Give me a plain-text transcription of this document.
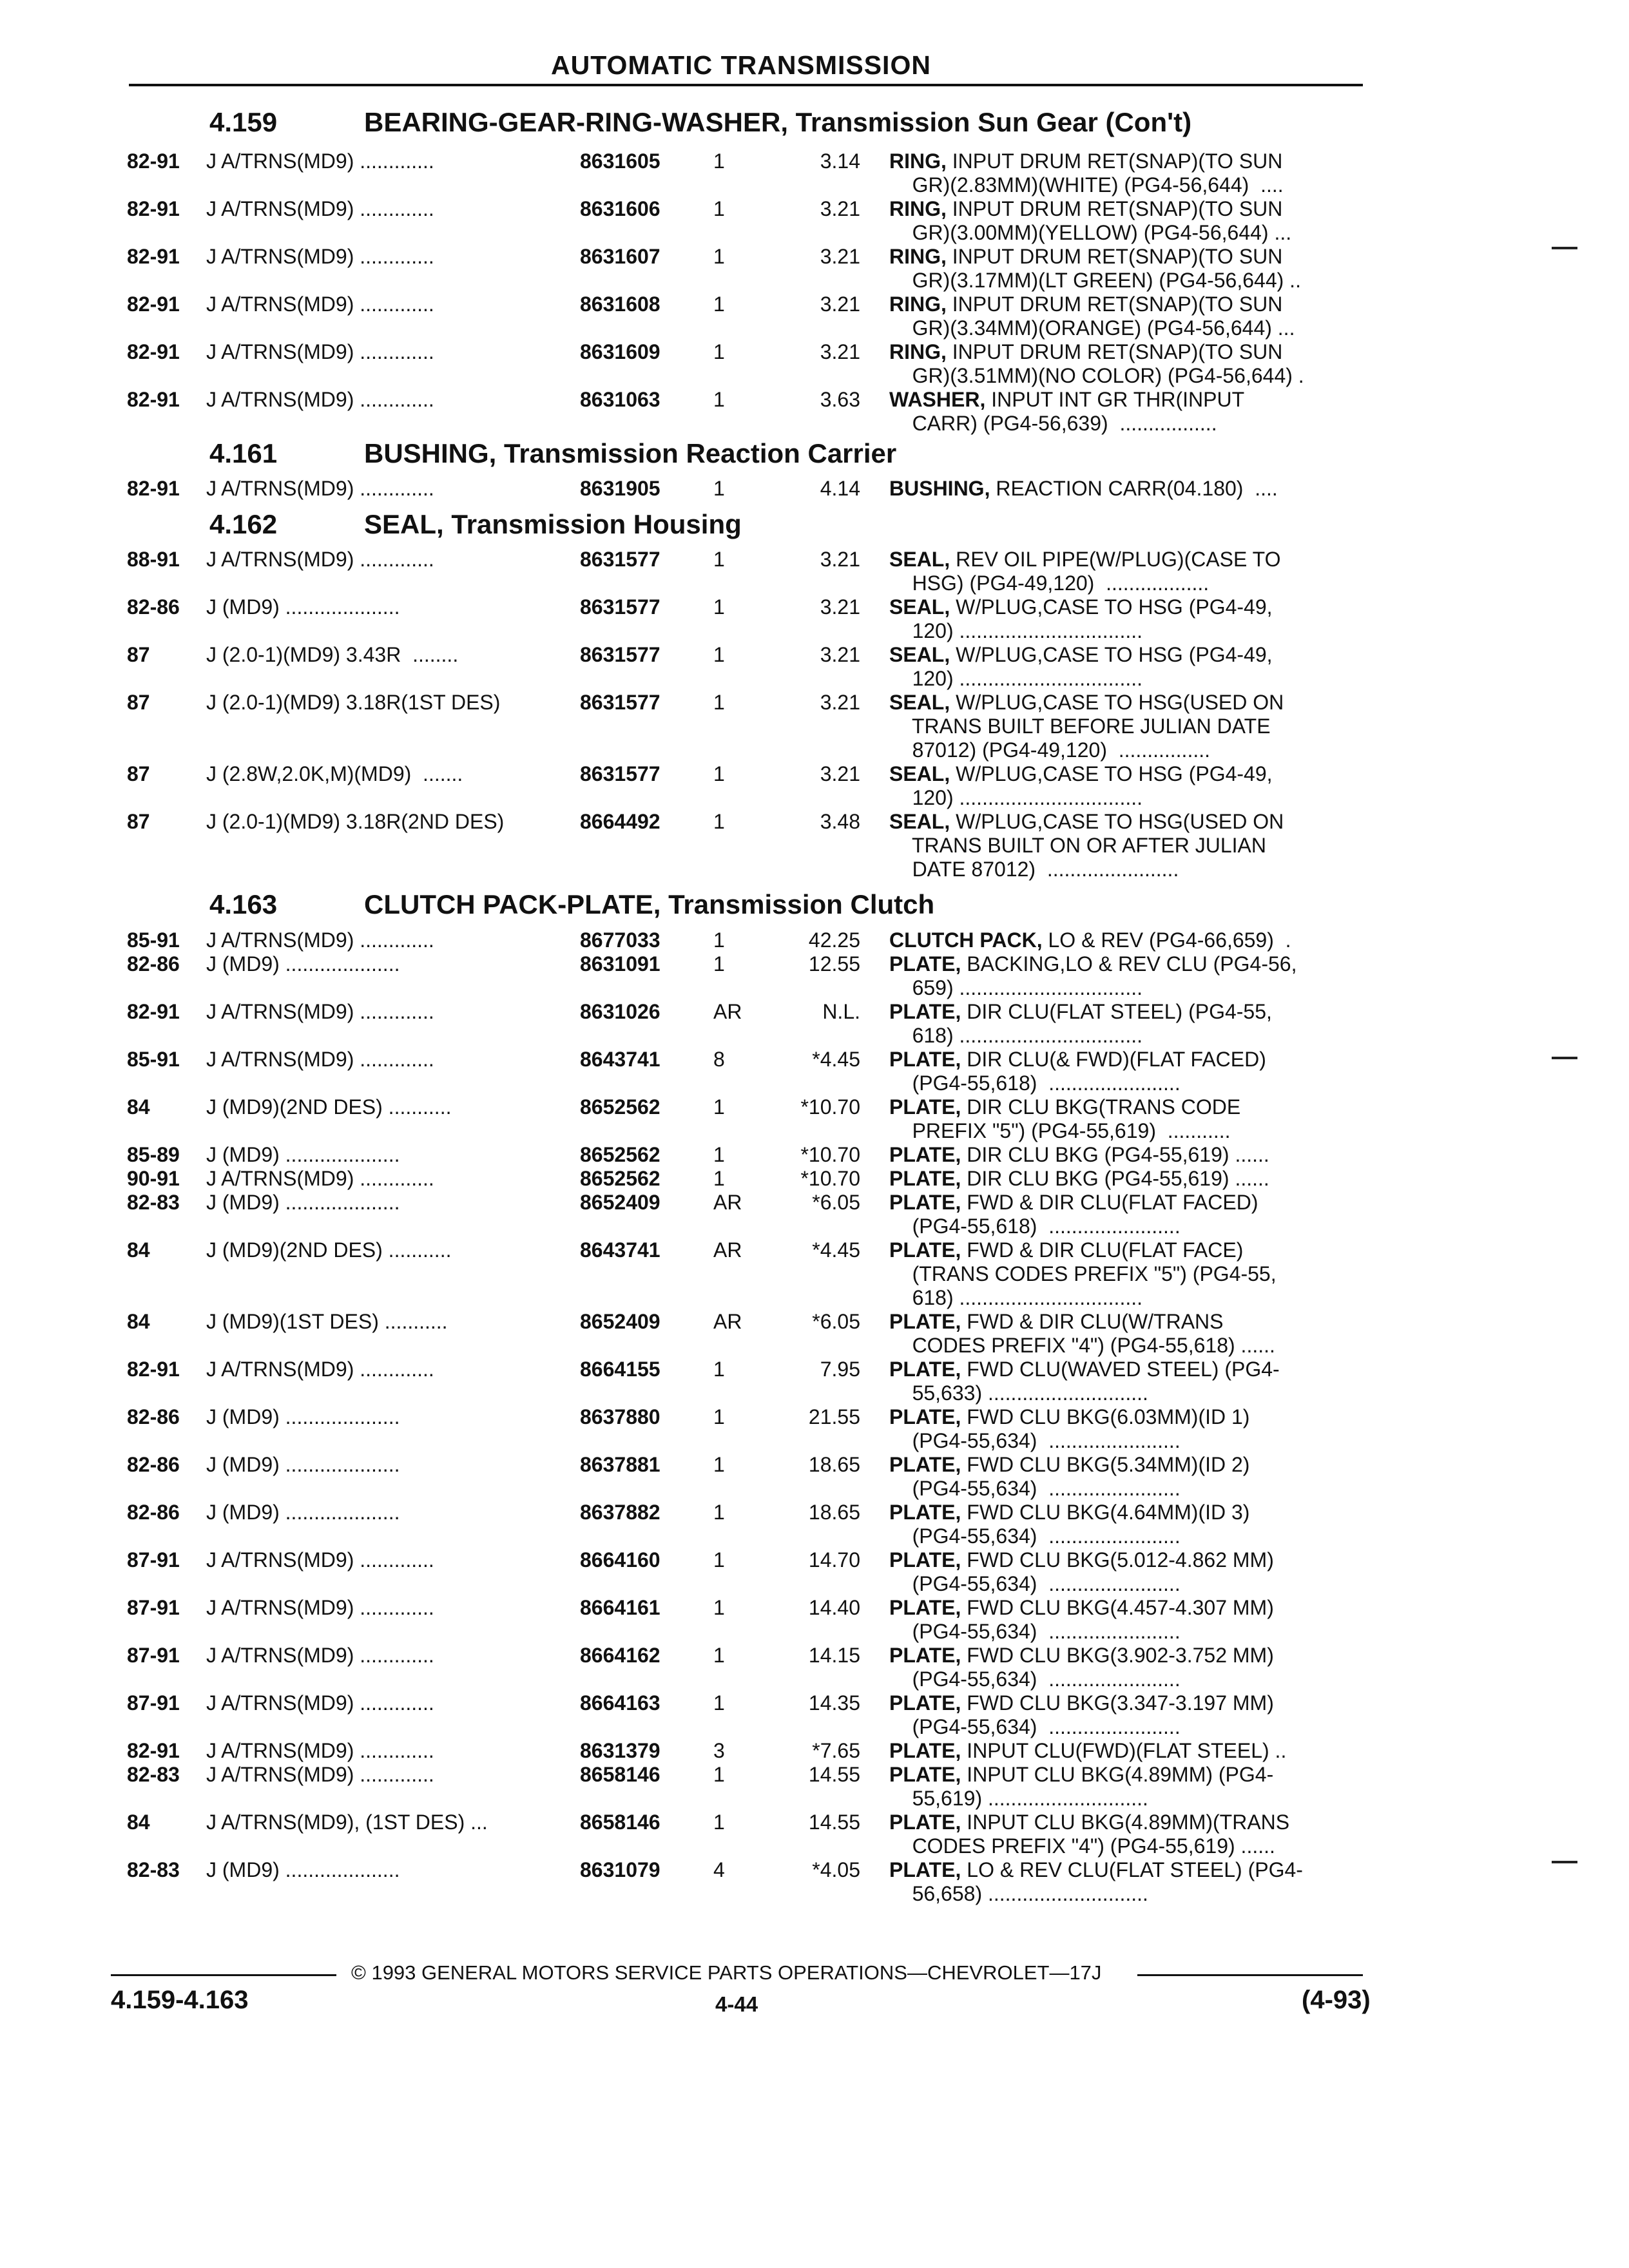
AUTOMATIC TRANSMISSION
4.159	BEARING-GEAR-RING-WASHER, Transmission Sun Gear (Con't)
82-91 J A/TRNS(MD9) .............	8631605	1	3.14 RING, INPUT DRUM RET(SNAP)(TO SUN
GR)(2.83MM)(WHITE) (PG4-56,644)  ....
82-91 J A/TRNS(MD9) .............	8631606	1	3.21 RING, INPUT DRUM RET(SNAP)(TO SUN
GR)(3.00MM)(YELLOW) (PG4-56,644) ...
82-91 J A/TRNS(MD9) .............	8631607	1	3.21 RING, INPUT DRUM RET(SNAP)(TO SUN
GR)(3.17MM)(LT GREEN) (PG4-56,644) ..
82-91 J A/TRNS(MD9) .............	8631608	1	3.21 RING, INPUT DRUM RET(SNAP)(TO SUN
GR)(3.34MM)(ORANGE) (PG4-56,644) ...
82-91 J A/TRNS(MD9) .............	8631609	1	3.21 RING, INPUT DRUM RET(SNAP)(TO SUN
GR)(3.51MM)(NO COLOR) (PG4-56,644) .
82-91 J A/TRNS(MD9) .............	8631063	1	3.63 WASHER, INPUT INT GR THR(INPUT
CARR) (PG4-56,639)  .................
4.161	BUSHING, Transmission Reaction Carrier
82-91 J A/TRNS(MD9) .............	8631905	1	4.14 BUSHING, REACTION CARR(04.180)  ....
4.162	SEAL, Transmission Housing
88-91 J A/TRNS(MD9) .............	8631577	1	3.21 SEAL, REV OIL PIPE(W/PLUG)(CASE TO
HSG) (PG4-49,120)  ..................
82-86 J (MD9) ....................	8631577	1	3.21 SEAL, W/PLUG,CASE TO HSG (PG4-49,
120) ................................
87	J (2.0-1)(MD9) 3.43R  ........	8631577	1	3.21 SEAL, W/PLUG,CASE TO HSG (PG4-49,
120) ................................
87	J (2.0-1)(MD9) 3.18R(1ST DES)	8631577	1	3.21 SEAL, W/PLUG,CASE TO HSG(USED ON
TRANS BUILT BEFORE JULIAN DATE
87012) (PG4-49,120)  ................
87	J (2.8W,2.0K,M)(MD9)  .......	8631577	1	3.21 SEAL, W/PLUG,CASE TO HSG (PG4-49,
120) ................................
87	J (2.0-1)(MD9) 3.18R(2ND DES)	8664492	1	3.48 SEAL, W/PLUG,CASE TO HSG(USED ON
TRANS BUILT ON OR AFTER JULIAN
DATE 87012)  .......................
4.163	CLUTCH PACK-PLATE, Transmission Clutch
85-91 J A/TRNS(MD9) .............	8677033	1	42.25 CLUTCH PACK, LO & REV (PG4-66,659)  .
82-86 J (MD9) ....................	8631091	1	12.55 PLATE, BACKING,LO & REV CLU (PG4-56,
659) ................................
82-91 J A/TRNS(MD9) .............	8631026	AR	N.L. PLATE, DIR CLU(FLAT STEEL) (PG4-55,
618) ................................
85-91 J A/TRNS(MD9) .............	8643741	8	*4.45 PLATE, DIR CLU(& FWD)(FLAT FACED)
(PG4-55,618)  .......................
84	J (MD9)(2ND DES) ...........	8652562	1	*10.70 PLATE, DIR CLU BKG(TRANS CODE
PREFIX "5") (PG4-55,619)  ...........
85-89 J (MD9) ....................	8652562	1	*10.70 PLATE, DIR CLU BKG (PG4-55,619) ......
90-91 J A/TRNS(MD9) .............	8652562	1	*10.70 PLATE, DIR CLU BKG (PG4-55,619) ......
82-83 J (MD9) ....................	8652409	AR	*6.05 PLATE, FWD & DIR CLU(FLAT FACED)
(PG4-55,618)  .......................
84	J (MD9)(2ND DES) ...........	8643741	AR	*4.45 PLATE, FWD & DIR CLU(FLAT FACE)
(TRANS CODES PREFIX "5") (PG4-55,
618) ................................
84	J (MD9)(1ST DES) ...........	8652409	AR	*6.05 PLATE, FWD & DIR CLU(W/TRANS
CODES PREFIX "4") (PG4-55,618) ......
82-91 J A/TRNS(MD9) .............	8664155	1	7.95 PLATE, FWD CLU(WAVED STEEL) (PG4-
55,633) ............................
82-86 J (MD9) ....................	8637880	1	21.55 PLATE, FWD CLU BKG(6.03MM)(ID 1)
(PG4-55,634)  .......................
82-86 J (MD9) ....................	8637881	1	18.65 PLATE, FWD CLU BKG(5.34MM)(ID 2)
(PG4-55,634)  .......................
82-86 J (MD9) ....................	8637882	1	18.65 PLATE, FWD CLU BKG(4.64MM)(ID 3)
(PG4-55,634)  .......................
87-91 J A/TRNS(MD9) .............	8664160	1	14.70 PLATE, FWD CLU BKG(5.012-4.862 MM)
(PG4-55,634)  .......................
87-91 J A/TRNS(MD9) .............	8664161	1	14.40 PLATE, FWD CLU BKG(4.457-4.307 MM)
(PG4-55,634)  .......................
87-91 J A/TRNS(MD9) .............	8664162	1	14.15 PLATE, FWD CLU BKG(3.902-3.752 MM)
(PG4-55,634)  .......................
87-91 J A/TRNS(MD9) .............	8664163	1	14.35 PLATE, FWD CLU BKG(3.347-3.197 MM)
(PG4-55,634)  .......................
82-91 J A/TRNS(MD9) .............	8631379	3	*7.65 PLATE, INPUT CLU(FWD)(FLAT STEEL) ..
82-83 J A/TRNS(MD9) .............	8658146	1	14.55 PLATE, INPUT CLU BKG(4.89MM) (PG4-
55,619) ............................
84	J A/TRNS(MD9), (1ST DES) ...	8658146	1	14.55 PLATE, INPUT CLU BKG(4.89MM)(TRANS
CODES PREFIX "4") (PG4-55,619) ......
82-83 J (MD9) ....................	8631079	4	*4.05 PLATE, LO & REV CLU(FLAT STEEL) (PG4-
56,658) ............................
© 1993 GENERAL MOTORS SERVICE PARTS OPERATIONS—CHEVROLET—17J
4.159-4.163	4-44	(4-93)
